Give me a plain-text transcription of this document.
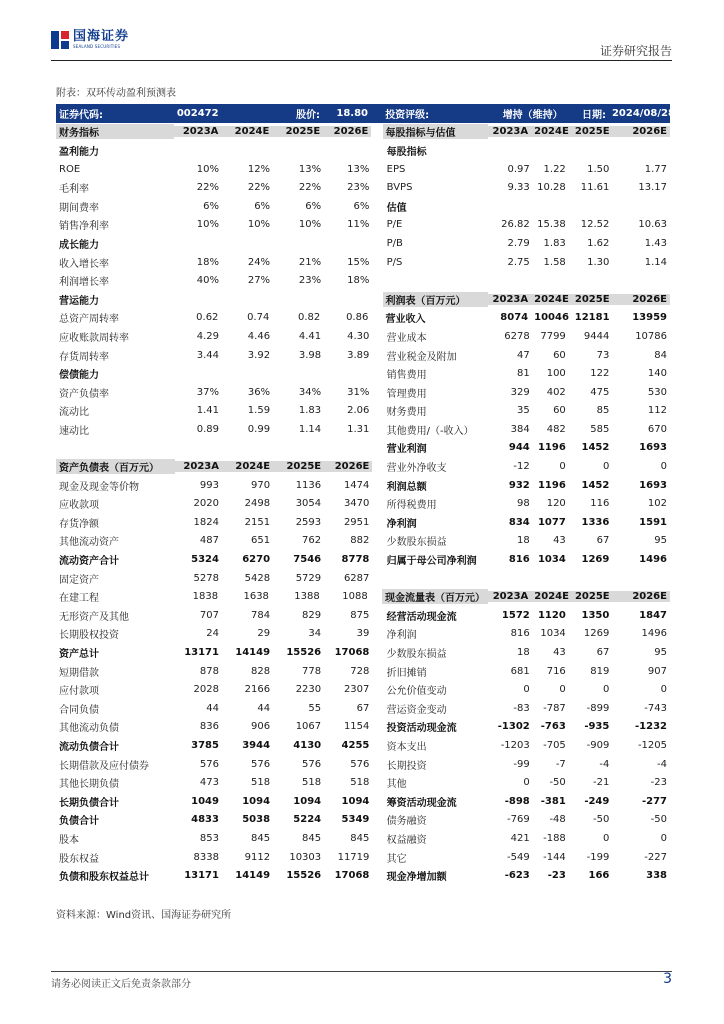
国海证券
SEALAND SECURITIES	证券研究报告
附表：双环传动盈利预测表
证券代码:	002472	股价:	18.80	投资评级:	增持（维持）	日期: 2024/08/28
财务指标	2023A	2024E	2025E	2026E	每股指标与估值	2023A 2024E 2025E	2026E
盈利能力	每股指标
ROE	10%	12%	13%	13%	EPS	0.97	1.22	1.50	1.77
毛利率	22%	22%	22%	23%	BVPS	9.33 10.28	11.61	13.17
期间费率	6%	6%	6%	6%	估值
销售净利率	10%	10%	10%	11%	P/E	26.82 15.38	12.52	10.63
成长能力	P/B	2.79	1.83	1.62	1.43
收入增长率	18%	24%	21%	15%	P/S	2.75	1.58	1.30	1.14
利润增长率	40%	27%	23%	18%
营运能力	利润表（百万元）	2023A 2024E 2025E	2026E
总资产周转率	0.62	0.74	0.82	0.86	营业收入	8074 10046 12181	13959
应收账款周转率	4.29	4.46	4.41	4.30	营业成本	6278	7799	9444	10786
存货周转率	3.44	3.92	3.98	3.89	营业税金及附加	47	60	73	84
偿债能力	销售费用	81	100	122	140
资产负债率	37%	36%	34%	31%	管理费用	329	402	475	530
流动比	1.41	1.59	1.83	2.06	财务费用	35	60	85	112
速动比	0.89	0.99	1.14	1.31	其他费用/（-收入）	384	482	585	670
营业利润	944 1196	1452	1693
资产负债表（百万元）	2023A	2024E	2025E	2026E	营业外净收支	-12	0	0	0
现金及现金等价物	993	970	1136	1474	利润总额	932 1196	1452	1693
应收款项	2020	2498	3054	3470	所得税费用	98	120	116	102
存货净额	1824	2151	2593	2951	净利润	834 1077	1336	1591
其他流动资产	487	651	762	882	少数股东损益	18	43	67	95
流动资产合计	5324	6270	7546	8778	归属于母公司净利润	816 1034	1269	1496
固定资产	5278	5428	5729	6287
在建工程	1838	1638	1388	1088	现金流量表（百万元） 2023A 2024E 2025E	2026E
无形资产及其他	707	784	829	875	经营活动现金流	1572 1120	1350	1847
长期股权投资	24	29	34	39	净利润	816	1034	1269	1496
资产总计	13171	14149	15526	17068	少数股东损益	18	43	67	95
短期借款	878	828	778	728	折旧摊销	681	716	819	907
应付款项	2028	2166	2230	2307	公允价值变动	0	0	0	0
合同负债	44	44	55	67	营运资金变动	-83	-787	-899	-743
其他流动负债	836	906	1067	1154	投资活动现金流	-1302	-763	-935	-1232
流动负债合计	3785	3944	4130	4255	资本支出	-1203	-705	-909	-1205
长期借款及应付债券	576	576	576	576	长期投资	-99	-7	-4	-4
其他长期负债	473	518	518	518	其他	0	-50	-21	-23
长期负债合计	1049	1094	1094	1094	筹资活动现金流	-898	-381	-249	-277
负债合计	4833	5038	5224	5349	债务融资	-769	-48	-50	-50
股本	853	845	845	845	权益融资	421	-188	0	0
股东权益	8338	9112	10303	11719	其它	-549	-144	-199	-227
负债和股东权益总计	13171	14149	15526	17068	现金净增加额	-623	-23	166	338
资料来源：Wind资讯、国海证券研究所
请务必阅读正文后免责条款部分	3
